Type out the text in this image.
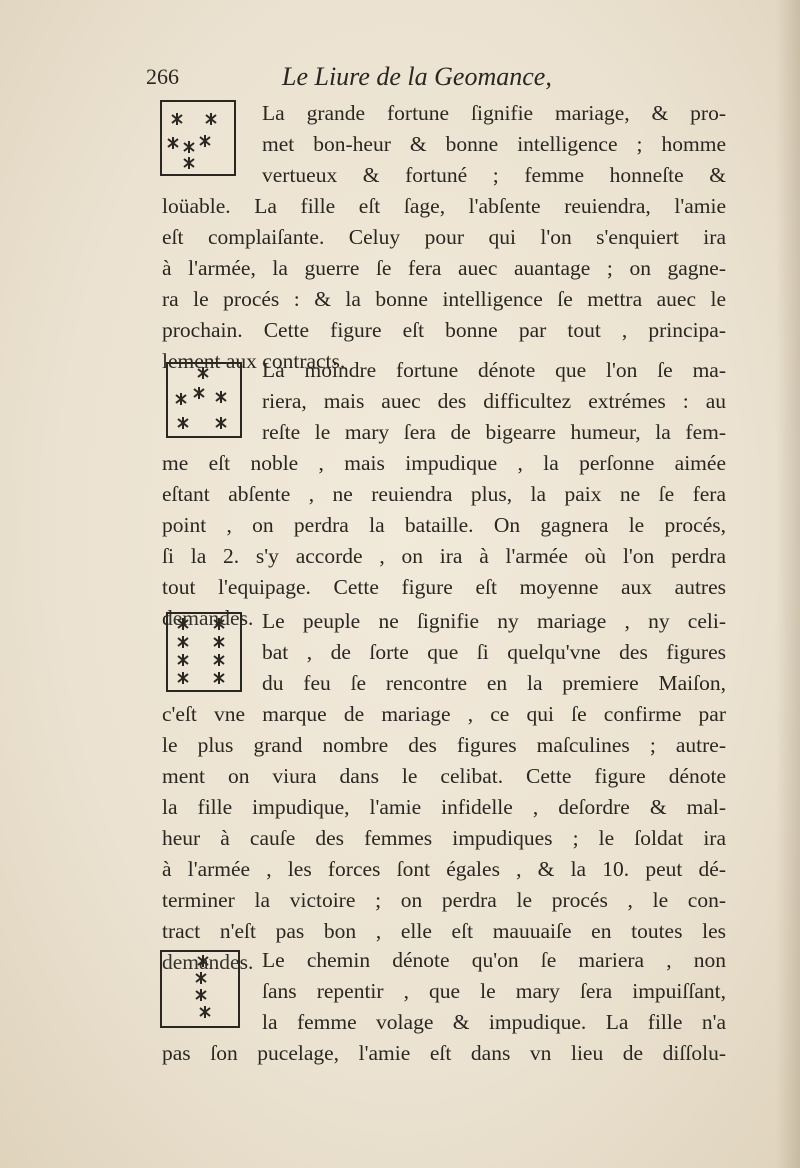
266	Le Liure de la Geomance,
La grande fortune ſignifie mariage, & pro-
met bon-heur & bonne intelligence ; homme
vertueux & fortuné ; femme honneſte &
loüable. La fille eſt ſage, l'abſente reuiendra, l'amie
eſt complaiſante. Celuy pour qui l'on s'enquiert ira
à l'armée, la guerre ſe fera auec auantage ; on gagne-
ra le procés : & la bonne intelligence ſe mettra auec le
prochain. Cette figure eſt bonne par tout , principa-
lement aux contracts.
La moindre fortune dénote que l'on ſe ma-
riera, mais auec des difficultez extrémes : au
reſte le mary ſera de bigearre humeur, la fem-
me eſt noble , mais impudique , la perſonne aimée
eſtant abſente , ne reuiendra plus, la paix ne ſe fera
point , on perdra la bataille. On gagnera le procés,
ſi la 2. s'y accorde , on ira à l'armée où l'on perdra
tout l'equipage. Cette figure eſt moyenne aux autres
demandes. Le peuple ne ſignifie ny mariage , ny celi-
bat , de ſorte que ſi quelqu'vne des figures
du feu ſe rencontre en la premiere Maiſon,
c'eſt vne marque de mariage , ce qui ſe confirme par
le plus grand nombre des figures maſculines ; autre-
ment on viura dans le celibat. Cette figure dénote
la fille impudique, l'amie infidelle , deſordre & mal-
heur à cauſe des femmes impudiques ; le ſoldat ira
à l'armée , les forces ſont égales , & la 10. peut dé-
terminer la victoire ; on perdra le procés , le con-
tract n'eſt pas bon , elle eſt mauuaiſe en toutes les
demandes. Le chemin dénote qu'on ſe mariera , non
ſans repentir , que le mary ſera impuiſſant,
la femme volage & impudique. La fille n'a
pas ſon pucelage, l'amie eſt dans vn lieu de diſſolu-
